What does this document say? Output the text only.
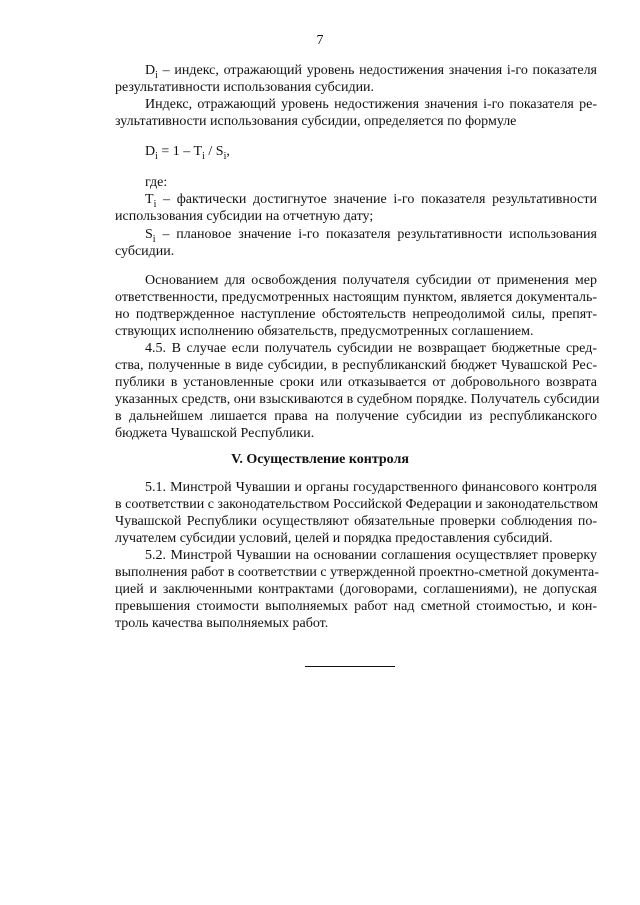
7
$D_i$ – индекс, отражающий уровень недостижения значения i-го показателя
результативности использования субсидии.
Индекс, отражающий уровень недостижения значения i-го показателя ре-
зультативности использования субсидии, определяется по формуле
$D_i = 1 - T_i / S_i$,
где:
$T_i$ – фактически достигнутое значение i-го показателя результативности
использования субсидии на отчетную дату;
$S_i$ – плановое значение i-го показателя результативности использования
субсидии.
Основанием для освобождения получателя субсидии от применения мер
ответственности, предусмотренных настоящим пунктом, является документаль-
но подтвержденное наступление обстоятельств непреодолимой силы, препят-
ствующих исполнению обязательств, предусмотренных соглашением.
4.5. В случае если получатель субсидии не возвращает бюджетные сред-
ства, полученные в виде субсидии, в республиканский бюджет Чувашской Рес-
публики в установленные сроки или отказывается от добровольного возврата
указанных средств, они взыскиваются в судебном порядке. Получатель субсидии
в дальнейшем лишается права на получение субсидии из республиканского
бюджета Чувашской Республики.
V. Осуществление контроля
5.1. Минстрой Чувашии и органы государственного финансового контроля
в соответствии с законодательством Российской Федерации и законодательством
Чувашской Республики осуществляют обязательные проверки соблюдения по-
лучателем субсидии условий, целей и порядка предоставления субсидий.
5.2. Минстрой Чувашии на основании соглашения осуществляет проверку
выполнения работ в соответствии с утвержденной проектно-сметной документа-
цией и заключенными контрактами (договорами, соглашениями), не допуская
превышения стоимости выполняемых работ над сметной стоимостью, и кон-
троль качества выполняемых работ.
